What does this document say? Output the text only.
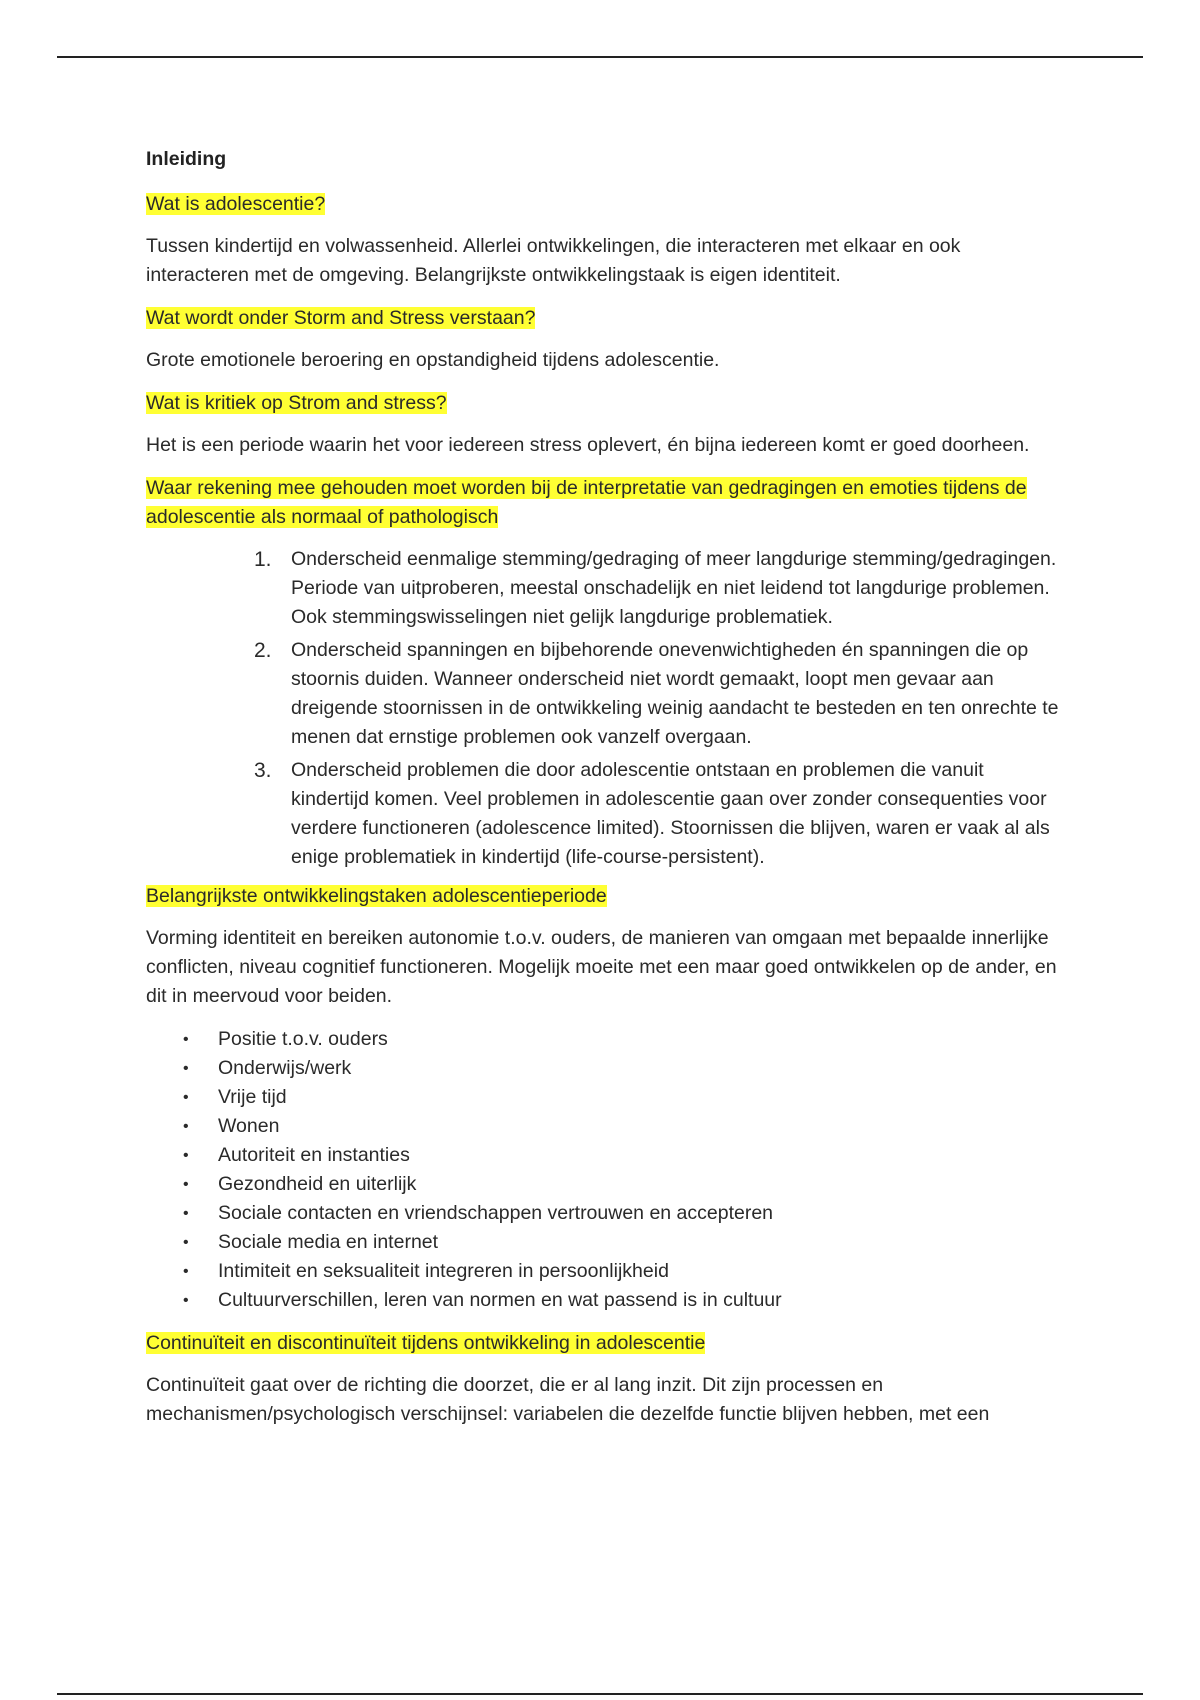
Inleiding
Wat is adolescentie?

Tussen kindertijd en volwassenheid. Allerlei ontwikkelingen, die interacteren met elkaar en ook interacteren met de omgeving. Belangrijkste ontwikkelingstaak is eigen identiteit.

Wat wordt onder Storm and Stress verstaan?

Grote emotionele beroering en opstandigheid tijdens adolescentie.

Wat is kritiek op Strom and stress?

Het is een periode waarin het voor iedereen stress oplevert, én bijna iedereen komt er goed doorheen.

Waar rekening mee gehouden moet worden bij de interpretatie van gedragingen en emoties tijdens de adolescentie als normaal of pathologisch
1. Onderscheid eenmalige stemming/gedraging of meer langdurige stemming/gedragingen. Periode van uitproberen, meestal onschadelijk en niet leidend tot langdurige problemen. Ook stemmingswisselingen niet gelijk langdurige problematiek.
2. Onderscheid spanningen en bijbehorende onevenwichtigheden én spanningen die op stoornis duiden. Wanneer onderscheid niet wordt gemaakt, loopt men gevaar aan dreigende stoornissen in de ontwikkeling weinig aandacht te besteden en ten onrechte te menen dat ernstige problemen ook vanzelf overgaan.
3. Onderscheid problemen die door adolescentie ontstaan en problemen die vanuit kindertijd komen. Veel problemen in adolescentie gaan over zonder consequenties voor verdere functioneren (adolescence limited). Stoornissen die blijven, waren er vaak al als enige problematiek in kindertijd (life-course-persistent).
Belangrijkste ontwikkelingstaken adolescentieperiode

Vorming identiteit en bereiken autonomie t.o.v. ouders, de manieren van omgaan met bepaalde innerlijke conflicten, niveau cognitief functioneren. Mogelijk moeite met een maar goed ontwikkelen op de ander, en dit in meervoud voor beiden.

• Positie t.o.v. ouders
• Onderwijs/werk
• Vrije tijd
• Wonen
• Autoriteit en instanties
• Gezondheid en uiterlijk
• Sociale contacten en vriendschappen vertrouwen en accepteren
• Sociale media en internet
• Intimiteit en seksualiteit integreren in persoonlijkheid
• Cultuurverschillen, leren van normen en wat passend is in cultuur
Continuïteit en discontinuïteit tijdens ontwikkeling in adolescentie

Continuïteit gaat over de richting die doorzet, die er al lang inzit. Dit zijn processen en mechanismen/psychologisch verschijnsel: variabelen die dezelfde functie blijven hebben, met een
